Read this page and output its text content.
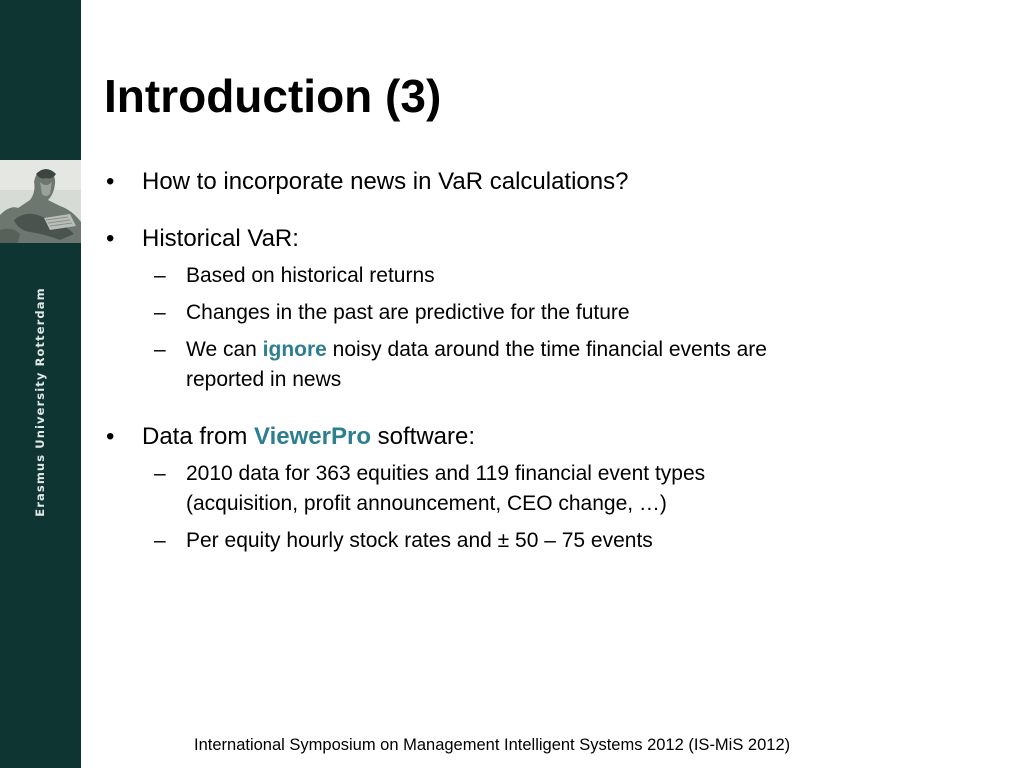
Erasmus University Rotterdam
Introduction (3)
• How to incorporate news in VaR calculations?
• Historical VaR:
– Based on historical returns
– Changes in the past are predictive for the future
– We can ignore noisy data around the time financial events are
reported in news
• Data from ViewerPro software:
– 2010 data for 363 equities and 119 financial event types
(acquisition, profit announcement, CEO change, …)
– Per equity hourly stock rates and ± 50 – 75 events
International Symposium on Management Intelligent Systems 2012 (IS-MiS 2012)
